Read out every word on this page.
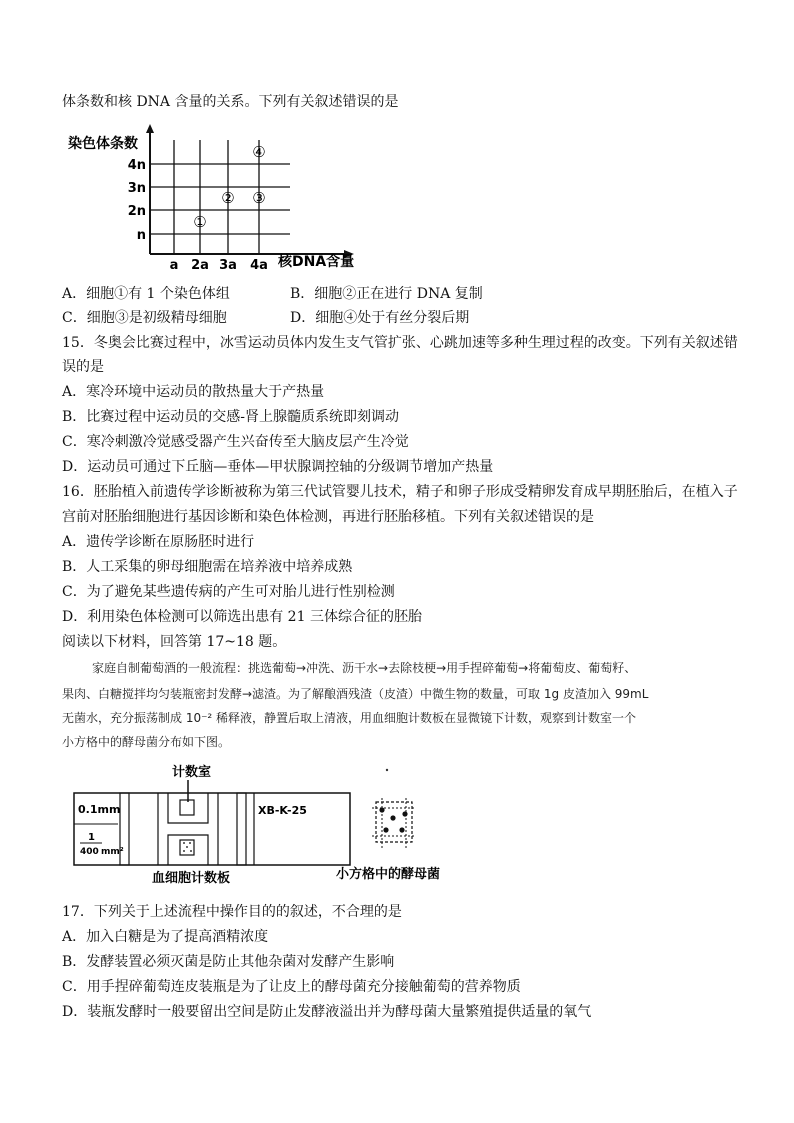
体条数和核 DNA 含量的关系。下列有关叙述错误的是
染色体条数
核DNA含量
n
2n
3n
4n
a 2a 3a 4a
①
② ③
④
A．细胞①有 1 个染色体组	B．细胞②正在进行 DNA 复制
C．细胞③是初级精母细胞	D．细胞④处于有丝分裂后期
15．冬奥会比赛过程中，冰雪运动员体内发生支气管扩张、心跳加速等多种生理过程的改变。下列有关叙述错
误的是
A．寒冷环境中运动员的散热量大于产热量
B．比赛过程中运动员的交感-肾上腺髓质系统即刻调动
C．寒冷刺激冷觉感受器产生兴奋传至大脑皮层产生冷觉
D．运动员可通过下丘脑—垂体—甲状腺调控轴的分级调节增加产热量
16．胚胎植入前遗传学诊断被称为第三代试管婴儿技术，精子和卵子形成受精卵发育成早期胚胎后，在植入子
宫前对胚胎细胞进行基因诊断和染色体检测，再进行胚胎移植。下列有关叙述错误的是
A．遗传学诊断在原肠胚时进行
B．人工采集的卵母细胞需在培养液中培养成熟
C．为了避免某些遗传病的产生可对胎儿进行性别检测
D．利用染色体检测可以筛选出患有 21 三体综合征的胚胎
阅读以下材料，回答第 17~18 题。
家庭自制葡萄酒的一般流程：挑选葡萄→冲洗、沥干水→去除枝梗→用手捏碎葡萄→将葡萄皮、葡萄籽、
果肉、白糖搅拌均匀装瓶密封发酵→滤渣。为了解酿酒残渣（皮渣）中微生物的数量，可取 1g 皮渣加入 99mL
无菌水，充分振荡制成 10⁻² 稀释液，静置后取上清液，用血细胞计数板在显微镜下计数，观察到计数室一个
小方格中的酵母菌分布如下图。
计数室
0.1mm
1
400 mm²
XB-K-25
血细胞计数板	小方格中的酵母菌
17．下列关于上述流程中操作目的的叙述，不合理的是
A．加入白糖是为了提高酒精浓度
B．发酵装置必须灭菌是防止其他杂菌对发酵产生影响
C．用手捏碎葡萄连皮装瓶是为了让皮上的酵母菌充分接触葡萄的营养物质
D．装瓶发酵时一般要留出空间是防止发酵液溢出并为酵母菌大量繁殖提供适量的氧气
